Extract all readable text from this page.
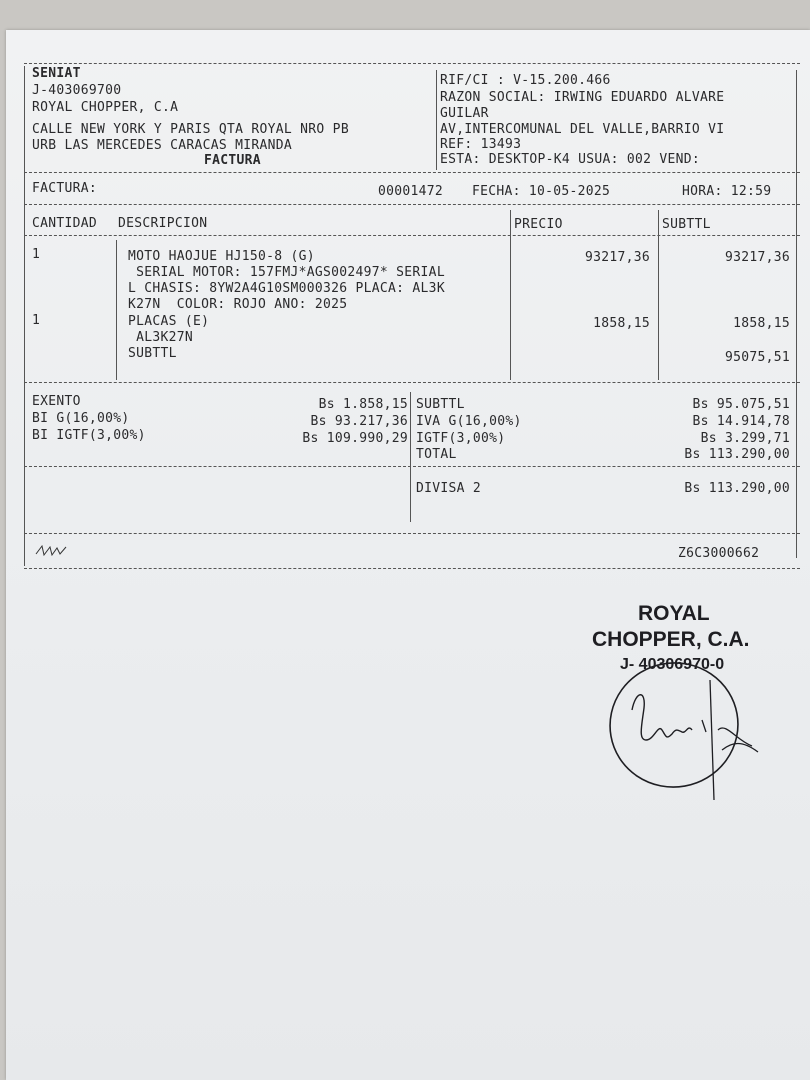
SENIAT
J-403069700
ROYAL CHOPPER, C.A
CALLE NEW YORK Y PARIS QTA ROYAL NRO PB
URB LAS MERCEDES CARACAS MIRANDA
FACTURA
RIF/CI : V-15.200.466
RAZON SOCIAL: IRWING EDUARDO ALVARE
GUILAR
AV,INTERCOMUNAL DEL VALLE,BARRIO VI
REF: 13493
ESTA: DESKTOP-K4 USUA: 002 VEND:
FACTURA:	00001472 FECHA: 10-05-2025	HORA: 12:59
CANTIDAD DESCRIPCION	PRECIO	SUBTTL
1	MOTO HAOJUE HJ150-8 (G)
SERIAL MOTOR: 157FMJ*AGS002497* SERIAL
L CHASIS: 8YW2A4G10SM000326 PLACA: AL3K
K27N  COLOR: ROJO ANO: 2025
93217,36	93217,36
1	PLACAS (E)
AL3K27N
1858,15	1858,15
SUBTTL	95075,51
EXENTO	Bs 1.858,15
BI G(16,00%)	Bs 93.217,36
BI IGTF(3,00%)	Bs 109.990,29
SUBTTL	Bs 95.075,51
IVA G(16,00%)	Bs 14.914,78
IGTF(3,00%)	Bs 3.299,71
TOTAL	Bs 113.290,00
DIVISA 2	Bs 113.290,00
Z6C3000662
ROYAL
CHOPPER, C.A.
J- 40306970-0
